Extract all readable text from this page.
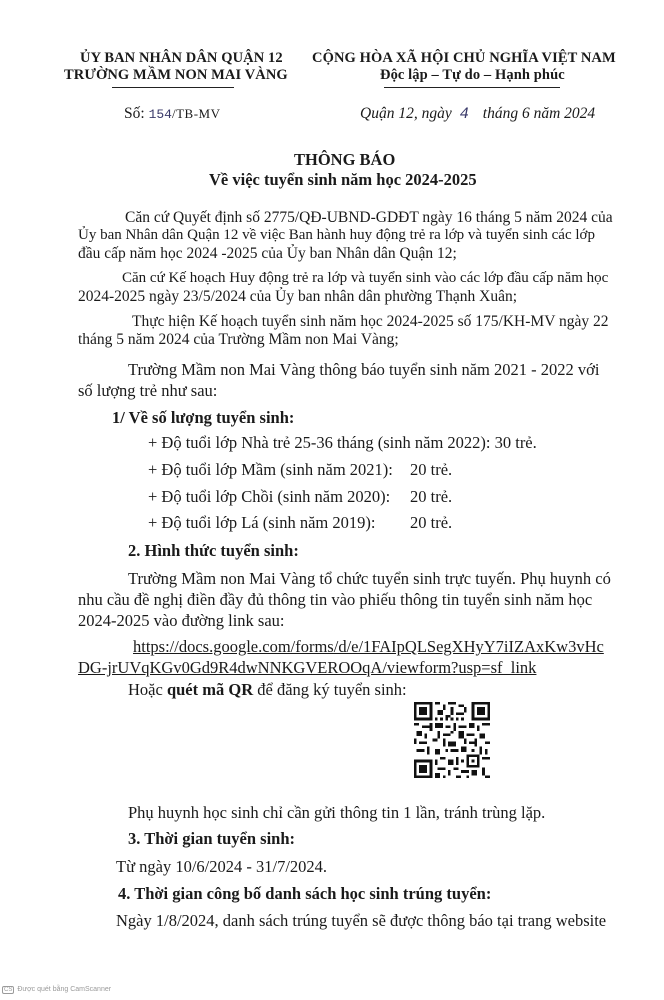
ỦY BAN NHÂN DÂN QUẬN 12
TRƯỜNG MẦM NON MAI VÀNG
CỘNG HÒA XÃ HỘI CHỦ NGHĨA VIỆT NAM
Độc lập – Tự do – Hạnh phúc
Số: 154/TB-MV	Quận 12, ngày 4 tháng 6 năm 2024
THÔNG BÁO
Về việc tuyển sinh năm học 2024-2025
Căn cứ Quyết định số 2775/QĐ-UBND-GDĐT ngày 16 tháng 5 năm 2024 của
Ủy ban Nhân dân Quận 12 về việc Ban hành huy động trẻ ra lớp và tuyển sinh các lớp
đầu cấp năm học 2024 -2025 của Ủy ban Nhân dân Quận 12;
Căn cứ Kế hoạch Huy động trẻ ra lớp và tuyển sinh vào các lớp đầu cấp năm học
2024-2025 ngày 23/5/2024 của Ủy ban nhân dân phường Thạnh Xuân;
Thực hiện Kế hoạch tuyển sinh năm học 2024-2025 số 175/KH-MV ngày 22
tháng 5 năm 2024 của Trường Mầm non Mai Vàng;
Trường Mầm non Mai Vàng thông báo tuyển sinh năm 2021 - 2022 với
số lượng trẻ như sau:
1/ Về số lượng tuyển sinh:
+ Độ tuổi lớp Nhà trẻ 25-36 tháng (sinh năm 2022): 30 trẻ.
+ Độ tuổi lớp Mầm (sinh năm 2021): 20 trẻ.
+ Độ tuổi lớp Chồi (sinh năm 2020): 20 trẻ.
+ Độ tuổi lớp Lá (sinh năm 2019): 20 trẻ.
2. Hình thức tuyển sinh:
Trường Mầm non Mai Vàng tổ chức tuyển sinh trực tuyến. Phụ huynh có
nhu cầu đề nghị điền đầy đủ thông tin vào phiếu thông tin tuyển sinh năm học
2024-2025 vào đường link sau:
https://docs.google.com/forms/d/e/1FAIpQLSegXHyY7iIZAxKw3vHc
DG-jrUVqKGv0Gd9R4dwNNKGVEROOqA/viewform?usp=sf_link
Hoặc quét mã QR để đăng ký tuyển sinh:
Phụ huynh học sinh chỉ cần gửi thông tin 1 lần, tránh trùng lặp.
3. Thời gian tuyển sinh:
Từ ngày 10/6/2024 - 31/7/2024.
4. Thời gian công bố danh sách học sinh trúng tuyển:
Ngày 1/8/2024, danh sách trúng tuyển sẽ được thông báo tại trang website
CS Được quét bằng CamScanner
